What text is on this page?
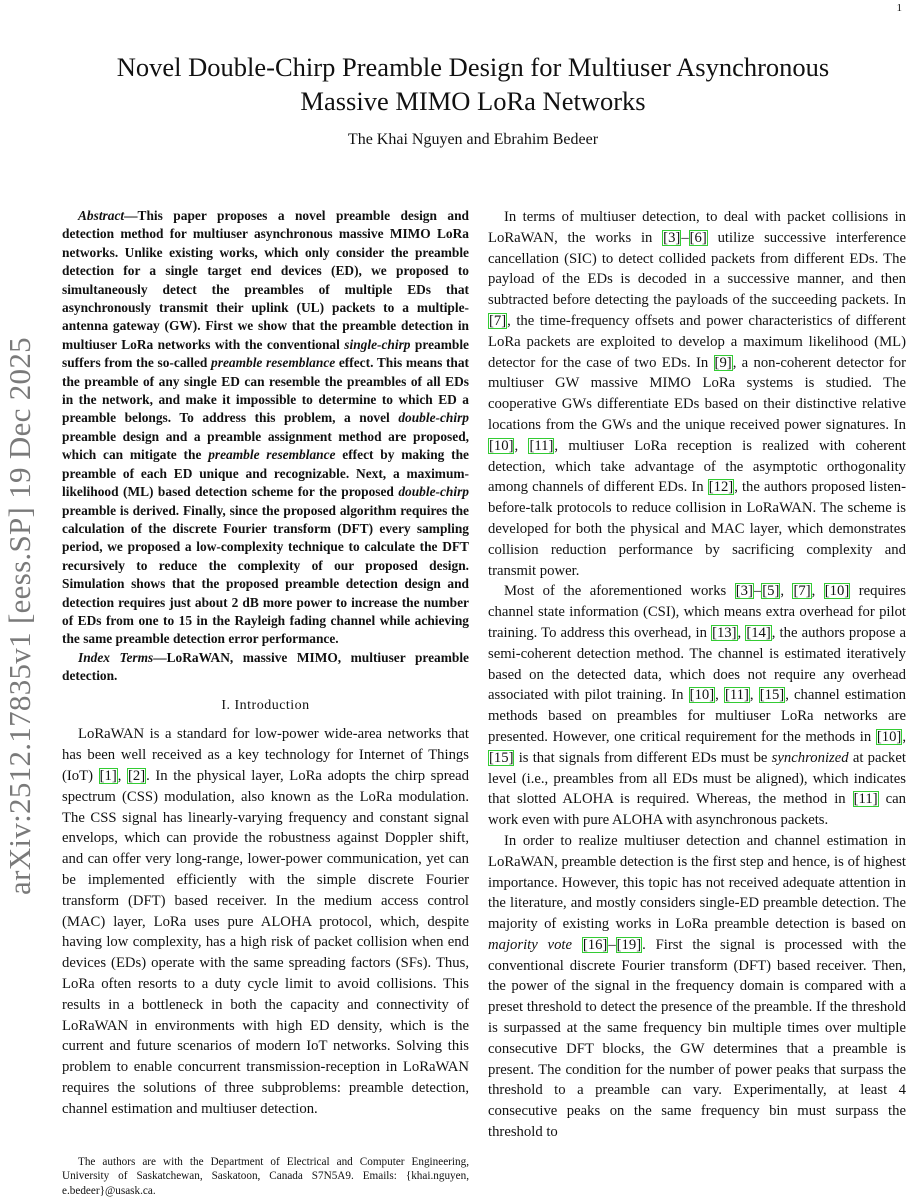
1
arXiv:2512.17835v1 [eess.SP] 19 Dec 2025
Novel Double-Chirp Preamble Design for Multiuser Asynchronous
Massive MIMO LoRa Networks
The Khai Nguyen and Ebrahim Bedeer

Abstract—This paper proposes a novel preamble design and detection method for multiuser asynchronous massive MIMO LoRa networks. Unlike existing works, which only consider the preamble detection for a single target end devices (ED), we proposed to simultaneously detect the preambles of multiple EDs that asynchronously transmit their uplink (UL) packets to a multiple-antenna gateway (GW). First we show that the preamble detection in multiuser LoRa networks with the conventional single-chirp preamble suffers from the so-called preamble resemblance effect. This means that the preamble of any single ED can resemble the preambles of all EDs in the network, and make it impossible to determine to which ED a preamble belongs. To address this problem, a novel double-chirp preamble design and a preamble assignment method are proposed, which can mitigate the preamble resemblance effect by making the preamble of each ED unique and recognizable. Next, a maximum-likelihood (ML) based detection scheme for the proposed double-chirp preamble is derived. Finally, since the proposed algorithm requires the calculation of the discrete Fourier transform (DFT) every sampling period, we proposed a low-complexity technique to calculate the DFT recursively to reduce the complexity of our proposed design. Simulation shows that the proposed preamble detection design and detection requires just about 2 dB more power to increase the number of EDs from one to 15 in the Rayleigh fading channel while achieving the same preamble detection error performance.

Index Terms—LoRaWAN, massive MIMO, multiuser preamble detection.

I. Introduction

LoRaWAN is a standard for low-power wide-area networks that has been well received as a key technology for Internet of Things (IoT) [1], [2]. In the physical layer, LoRa adopts the chirp spread spectrum (CSS) modulation, also known as the LoRa modulation. The CSS signal has linearly-varying frequency and constant signal envelops, which can provide the robustness against Doppler shift, and can offer very long-range, lower-power communication, yet can be implemented efficiently with the simple discrete Fourier transform (DFT) based receiver. In the medium access control (MAC) layer, LoRa uses pure ALOHA protocol, which, despite having low complexity, has a high risk of packet collision when end devices (EDs) operate with the same spreading factors (SFs). Thus, LoRa often resorts to a duty cycle limit to avoid collisions. This results in a bottleneck in both the capacity and connectivity of LoRaWAN in environments with high ED density, which is the current and future scenarios of modern IoT networks. Solving this problem to enable concurrent transmission-reception in LoRaWAN requires the solutions of three subproblems: preamble detection, channel estimation and multiuser detection.

The authors are with the Department of Electrical and Computer Engineering, University of Saskatchewan, Saskatoon, Canada S7N5A9. Emails: {khai.nguyen, e.bedeer}@usask.ca.

In terms of multiuser detection, to deal with packet collisions in LoRaWAN, the works in [3]–[6] utilize successive interference cancellation (SIC) to detect collided packets from different EDs. The payload of the EDs is decoded in a successive manner, and then subtracted before detecting the payloads of the succeeding packets. In [7], the time-frequency offsets and power characteristics of different LoRa packets are exploited to develop a maximum likelihood (ML) detector for the case of two EDs. In [9], a non-coherent detector for multiuser GW massive MIMO LoRa systems is studied. The cooperative GWs differentiate EDs based on their distinctive relative locations from the GWs and the unique received power signatures. In [10], [11], multiuser LoRa reception is realized with coherent detection, which take advantage of the asymptotic orthogonality among channels of different EDs. In [12], the authors proposed listen-before-talk protocols to reduce collision in LoRaWAN. The scheme is developed for both the physical and MAC layer, which demonstrates collision reduction performance by sacrificing complexity and transmit power.

Most of the aforementioned works [3]–[5], [7], [10] requires channel state information (CSI), which means extra overhead for pilot training. To address this overhead, in [13], [14], the authors propose a semi-coherent detection method. The channel is estimated iteratively based on the detected data, which does not require any overhead associated with pilot training. In [10], [11], [15], channel estimation methods based on preambles for multiuser LoRa networks are presented. However, one critical requirement for the methods in [10], [15] is that signals from different EDs must be synchronized at packet level (i.e., preambles from all EDs must be aligned), which indicates that slotted ALOHA is required. Whereas, the method in [11] can work even with pure ALOHA with asynchronous packets.

In order to realize multiuser detection and channel estimation in LoRaWAN, preamble detection is the first step and hence, is of highest importance. However, this topic has not received adequate attention in the literature, and mostly considers single-ED preamble detection. The majority of existing works in LoRa preamble detection is based on majority vote [16]–[19]. First the signal is processed with the conventional discrete Fourier transform (DFT) based receiver. Then, the power of the signal in the frequency domain is compared with a preset threshold to detect the presence of the preamble. If the threshold is surpassed at the same frequency bin multiple times over multiple consecutive DFT blocks, the GW determines that a preamble is present. The condition for the number of power peaks that surpass the threshold to a preamble can vary. Experimentally, at least 4 consecutive peaks on the same frequency bin must surpass the threshold to
